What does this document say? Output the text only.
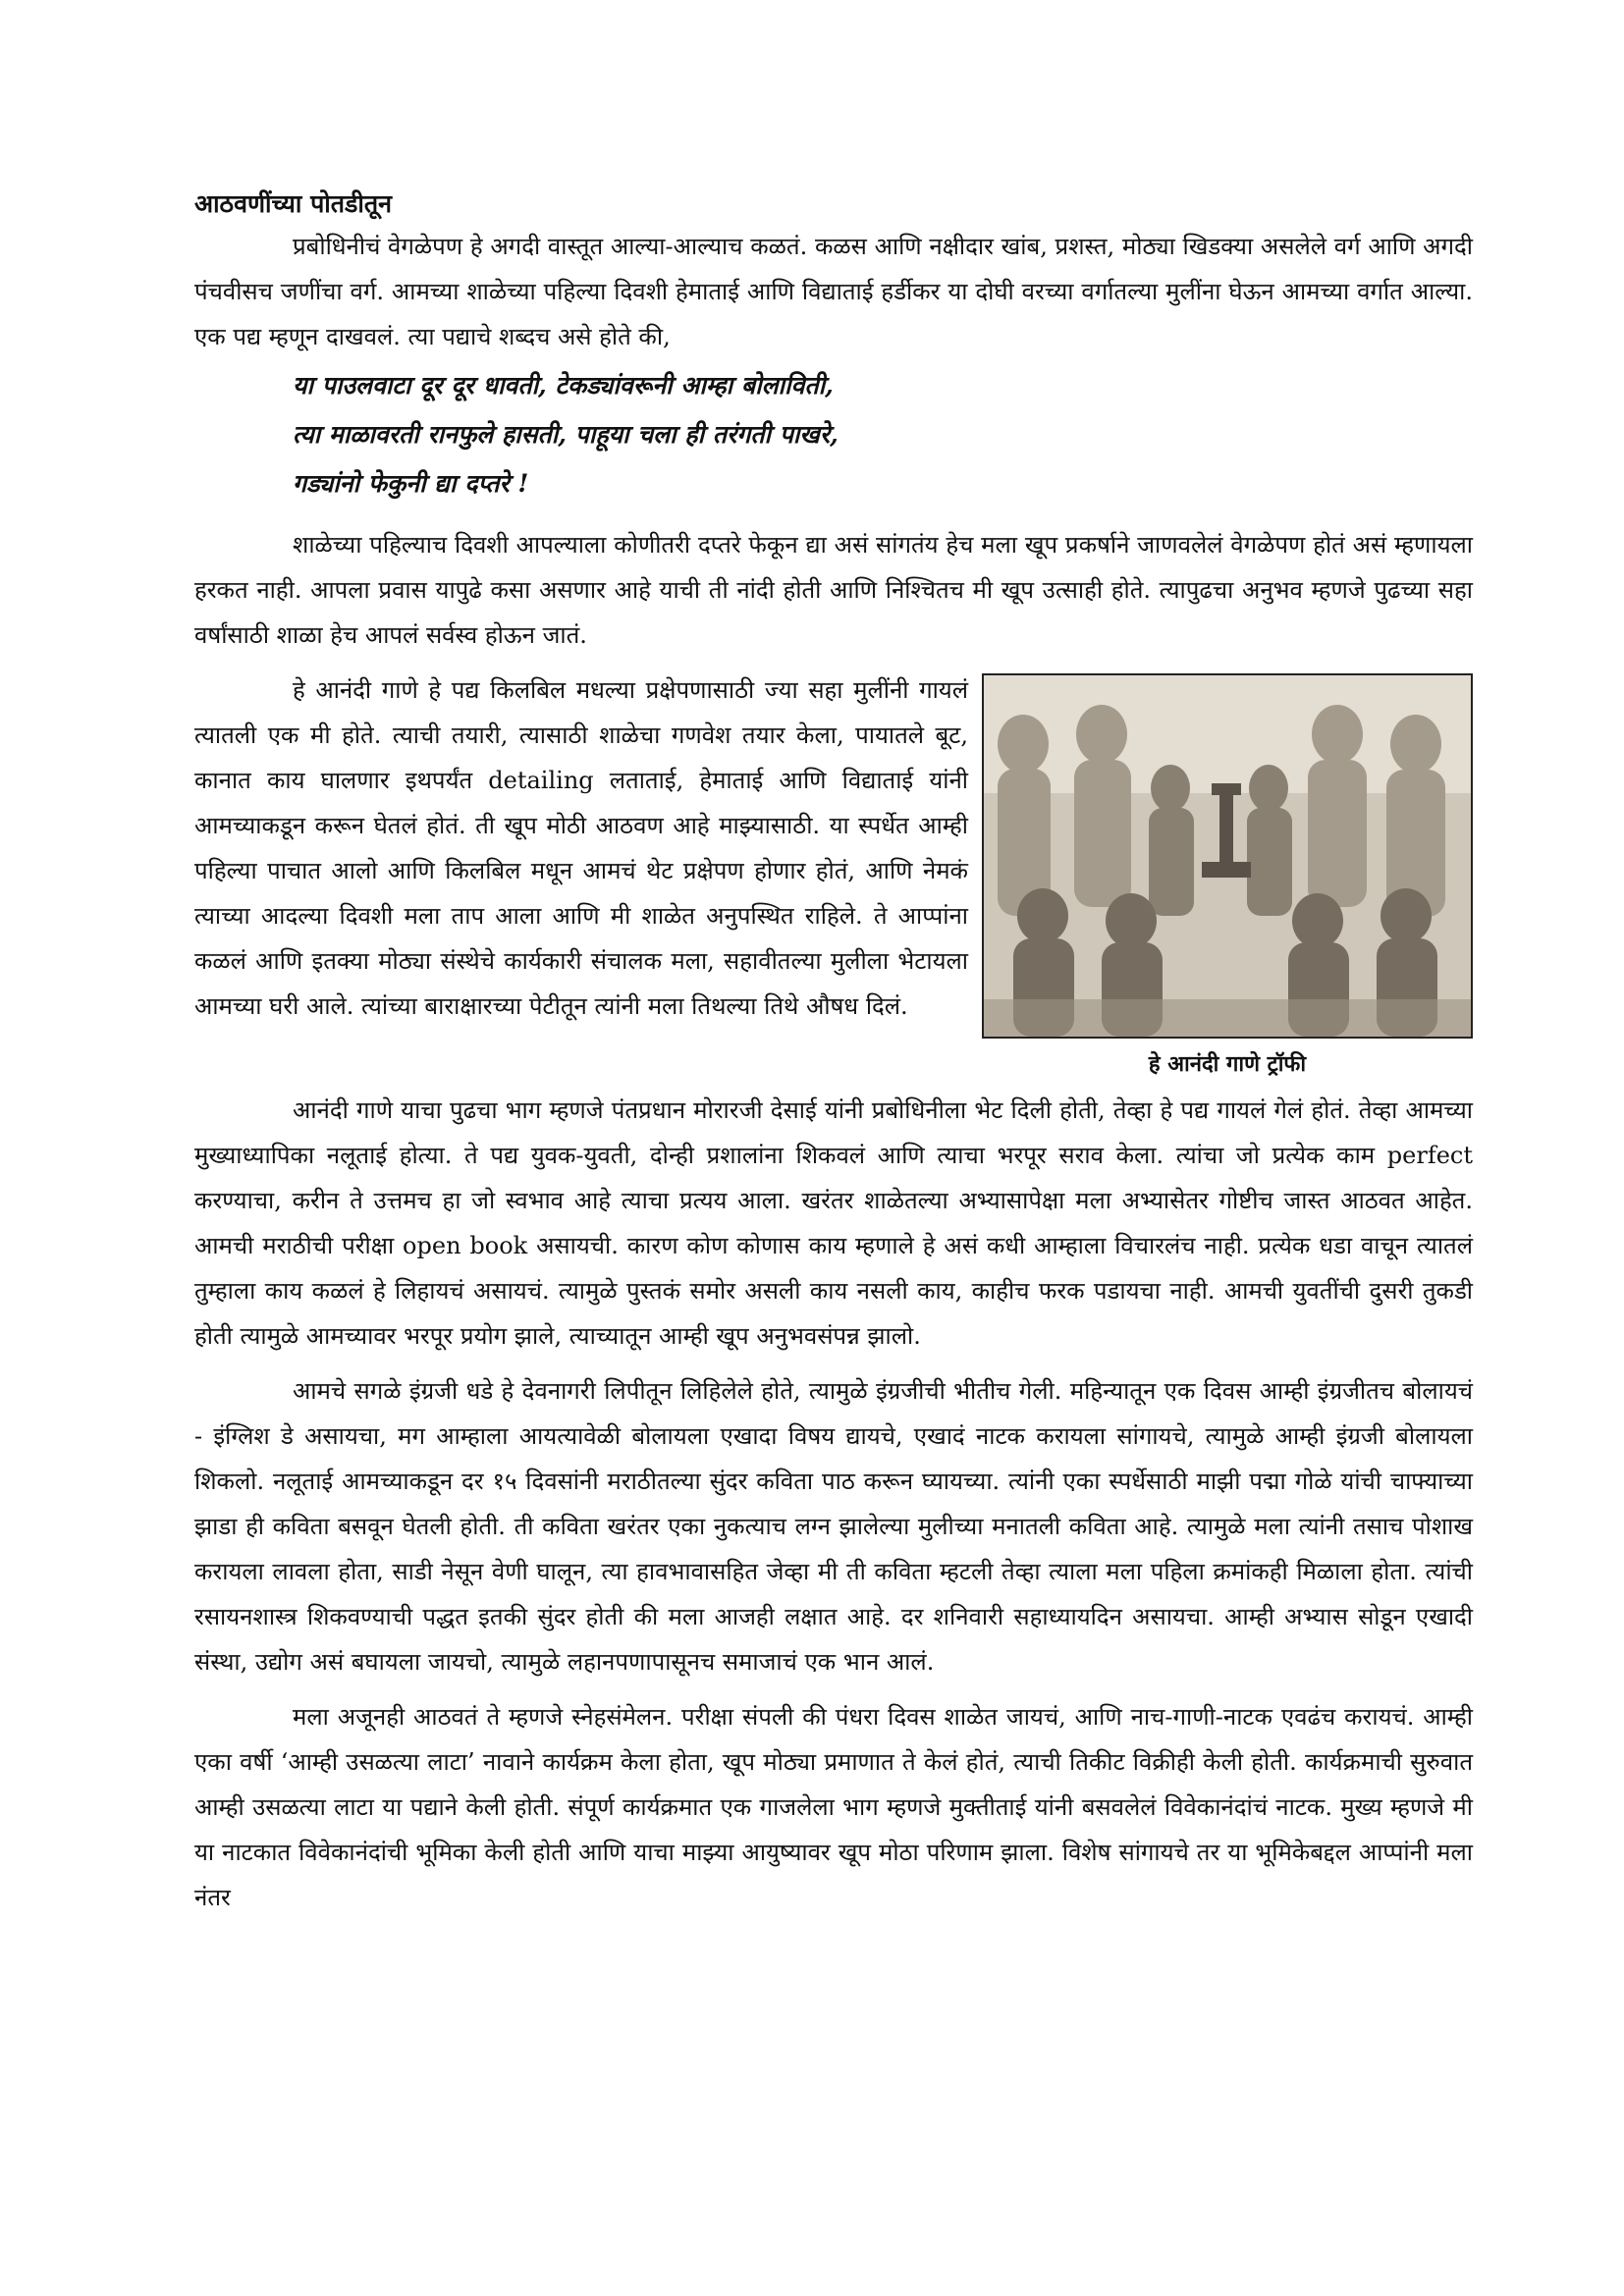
आठवणींच्या पोतडीतून

प्रबोधिनीचं वेगळेपण हे अगदी वास्तूत आल्या-आल्याच कळतं. कळस आणि नक्षीदार खांब, प्रशस्त, मोठ्या खिडक्या असलेले वर्ग आणि अगदी पंचवीसच जणींचा वर्ग. आमच्या शाळेच्या पहिल्या दिवशी हेमाताई आणि विद्याताई हर्डीकर या दोघी वरच्या वर्गातल्या मुलींना घेऊन आमच्या वर्गात आल्या. एक पद्य म्हणून दाखवलं. त्या पद्याचे शब्दच असे होते की,

या पाउलवाटा दूर दूर धावती, टेकड्यांवरूनी आम्हा बोलाविती,
त्या माळावरती रानफुले हासती, पाहूया चला ही तरंगती पाखरे,
गड्यांनो फेकुनी द्या दप्तरे !

शाळेच्या पहिल्याच दिवशी आपल्याला कोणीतरी दप्तरे फेकून द्या असं सांगतंय हेच मला खूप प्रकर्षाने जाणवलेलं वेगळेपण होतं असं म्हणायला हरकत नाही. आपला प्रवास यापुढे कसा असणार आहे याची ती नांदी होती आणि निश्चितच मी खूप उत्साही होते. त्यापुढचा अनुभव म्हणजे पुढच्या सहा वर्षांसाठी शाळा हेच आपलं सर्वस्व होऊन जातं.

हे आनंदी गाणे ट्रॉफी

हे आनंदी गाणे हे पद्य किलबिल मधल्या प्रक्षेपणासाठी ज्या सहा मुलींनी गायलं त्यातली एक मी होते. त्याची तयारी, त्यासाठी शाळेचा गणवेश तयार केला, पायातले बूट, कानात काय घालणार इथपर्यंत detailing लताताई, हेमाताई आणि विद्याताई यांनी आमच्याकडून करून घेतलं होतं. ती खूप मोठी आठवण आहे माझ्यासाठी. या स्पर्धेत आम्ही पहिल्या पाचात आलो आणि किलबिल मधून आमचं थेट प्रक्षेपण होणार होतं, आणि नेमकं त्याच्या आदल्या दिवशी मला ताप आला आणि मी शाळेत अनुपस्थित राहिले. ते आप्पांना कळलं आणि इतक्या मोठ्या संस्थेचे कार्यकारी संचालक मला, सहावीतल्या मुलीला भेटायला आमच्या घरी आले. त्यांच्या बाराक्षारच्या पेटीतून त्यांनी मला तिथल्या तिथे औषध दिलं.

आनंदी गाणे याचा पुढचा भाग म्हणजे पंतप्रधान मोरारजी देसाई यांनी प्रबोधिनीला भेट दिली होती, तेव्हा हे पद्य गायलं गेलं होतं. तेव्हा आमच्या मुख्याध्यापिका नलूताई होत्या. ते पद्य युवक-युवती, दोन्ही प्रशालांना शिकवलं आणि त्याचा भरपूर सराव केला. त्यांचा जो प्रत्येक काम perfect करण्याचा, करीन ते उत्तमच हा जो स्वभाव आहे त्याचा प्रत्यय आला. खरंतर शाळेतल्या अभ्यासापेक्षा मला अभ्यासेतर गोष्टीच जास्त आठवत आहेत. आमची मराठीची परीक्षा open book असायची. कारण कोण कोणास काय म्हणाले हे असं कधी आम्हाला विचारलंच नाही. प्रत्येक धडा वाचून त्यातलं तुम्हाला काय कळलं हे लिहायचं असायचं. त्यामुळे पुस्तकं समोर असली काय नसली काय, काहीच फरक पडायचा नाही. आमची युवतींची दुसरी तुकडी होती त्यामुळे आमच्यावर भरपूर प्रयोग झाले, त्याच्यातून आम्ही खूप अनुभवसंपन्न झालो.

आमचे सगळे इंग्रजी धडे हे देवनागरी लिपीतून लिहिलेले होते, त्यामुळे इंग्रजीची भीतीच गेली. महिन्यातून एक दिवस आम्ही इंग्रजीतच बोलायचं - इंग्लिश डे असायचा, मग आम्हाला आयत्यावेळी बोलायला एखादा विषय द्यायचे, एखादं नाटक करायला सांगायचे, त्यामुळे आम्ही इंग्रजी बोलायला शिकलो. नलूताई आमच्याकडून दर १५ दिवसांनी मराठीतल्या सुंदर कविता पाठ करून घ्यायच्या. त्यांनी एका स्पर्धेसाठी माझी पद्मा गोळे यांची चाफ्याच्या झाडा ही कविता बसवून घेतली होती. ती कविता खरंतर एका नुकत्याच लग्न झालेल्या मुलीच्या मनातली कविता आहे. त्यामुळे मला त्यांनी तसाच पोशाख करायला लावला होता, साडी नेसून वेणी घालून, त्या हावभावासहित जेव्हा मी ती कविता म्हटली तेव्हा त्याला मला पहिला क्रमांकही मिळाला होता. त्यांची रसायनशास्त्र शिकवण्याची पद्धत इतकी सुंदर होती की मला आजही लक्षात आहे. दर शनिवारी सहाध्यायदिन असायचा. आम्ही अभ्यास सोडून एखादी संस्था, उद्योग असं बघायला जायचो, त्यामुळे लहानपणापासूनच समाजाचं एक भान आलं.

मला अजूनही आठवतं ते म्हणजे स्नेहसंमेलन. परीक्षा संपली की पंधरा दिवस शाळेत जायचं, आणि नाच-गाणी-नाटक एवढंच करायचं. आम्ही एका वर्षी ‘आम्ही उसळत्या लाटा’ नावाने कार्यक्रम केला होता, खूप मोठ्या प्रमाणात ते केलं होतं, त्याची तिकीट विक्रीही केली होती. कार्यक्रमाची सुरुवात आम्ही उसळत्या लाटा या पद्याने केली होती. संपूर्ण कार्यक्रमात एक गाजलेला भाग म्हणजे मुक्तीताई यांनी बसवलेलं विवेकानंदांचं नाटक. मुख्य म्हणजे मी या नाटकात विवेकानंदांची भूमिका केली होती आणि याचा माझ्या आयुष्यावर खूप मोठा परिणाम झाला. विशेष सांगायचे तर या भूमिकेबद्दल आप्पांनी मला नंतर
